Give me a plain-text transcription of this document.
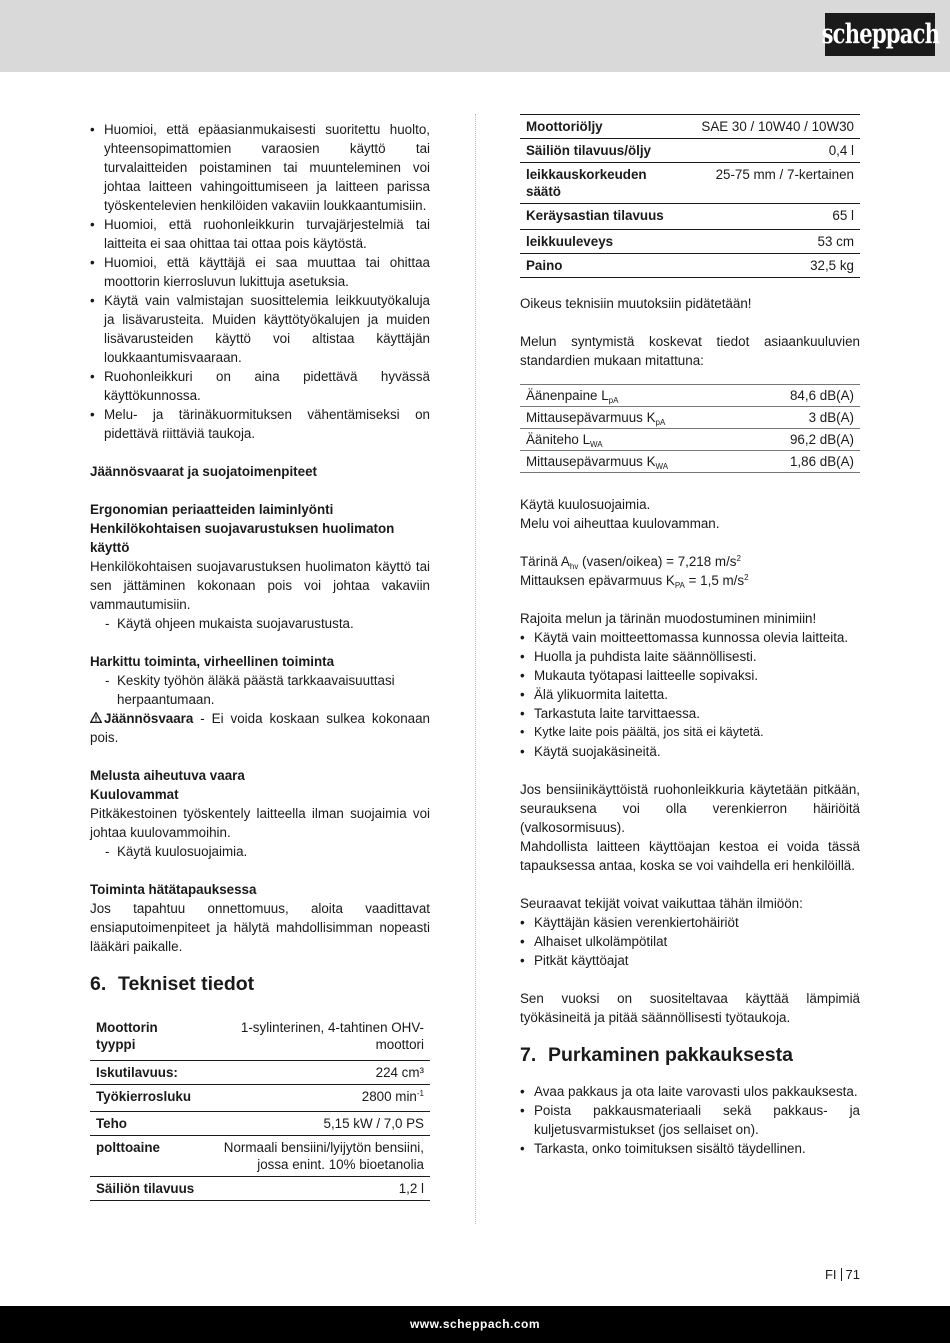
scheppach
• Huomioi, että epäasianmukaisesti suoritettu huolto, yhteensopimattomien varaosien käyttö tai turvalaitteiden poistaminen tai muunteleminen voi johtaa laitteen vahingoittumiseen ja laitteen parissa työskentelevien henkilöiden vakaviin loukkaantumisiin.
• Huomioi, että ruohonleikkurin turvajärjestelmiä tai laitteita ei saa ohittaa tai ottaa pois käytöstä.
• Huomioi, että käyttäjä ei saa muuttaa tai ohittaa moottorin kierrosluvun lukittuja asetuksia.
• Käytä vain valmistajan suosittelemia leikkuutyökaluja ja lisävarusteita. Muiden käyttötyökalujen ja muiden lisävarusteiden käyttö voi altistaa käyttäjän loukkaantumisvaaraan.
• Ruohonleikkuri on aina pidettävä hyvässä käyttökunnossa.
• Melu- ja tärinäkuormituksen vähentämiseksi on pidettävä riittäviä taukoja.
Jäännösvaarat ja suojatoimenpiteet
Ergonomian periaatteiden laiminlyönti
Henkilökohtaisen suojavarustuksen huolimaton käyttö
Henkilökohtaisen suojavarustuksen huolimaton käyttö tai sen jättäminen kokonaan pois voi johtaa vakaviin vammautumisiin.
- Käytä ohjeen mukaista suojavarustusta.
Harkittu toiminta, virheellinen toiminta
- Keskity työhön äläkä päästä tarkkaavaisuuttasi herpaantumaan.
Jäännösvaara - Ei voida koskaan sulkea kokonaan pois.
Melusta aiheutuva vaara
Kuulovammat
Pitkäkestoinen työskentely laitteella ilman suojaimia voi johtaa kuulovammoihin.
- Käytä kuulosuojaimia.
Toiminta hätätapauksessa
Jos tapahtuu onnettomuus, aloita vaadittavat ensiaputoimenpiteet ja hälytä mahdollisimman nopeasti lääkäri paikalle.
6. Tekniset tiedot
Moottorin tyyppi	1-sylinterinen, 4-tahtinen OHV-moottori
Iskutilavuus:	224 cm³
Työkierrosluku	2800 $\min^{-1}$
Teho	5,15 kW / 7,0 PS
polttoaine	Normaali bensiini/lyijytön bensiini, jossa enint. 10% bioetanolia
Säiliön tilavuus	1,2 l
Moottoriöljy	SAE 30 / 10W40 / 10W30
Säiliön tilavuus/öljy	0,4 l
leikkauskorkeuden säätö	25-75 mm / 7-kertainen
Keräysastian tilavuus	65 l
leikkuuleveys	53 cm
Paino	32,5 kg
Oikeus teknisiin muutoksiin pidätetään!
Melun syntymistä koskevat tiedot asiaankuuluvien standardien mukaan mitattuna:
Äänenpaine $L_{pA}$	84,6 dB(A)
Mittausepävarmuus $K_{pA}$	3 dB(A)
Ääniteho $L_{WA}$	96,2 dB(A)
Mittausepävarmuus $K_{WA}$	1,86 dB(A)
Käytä kuulosuojaimia.
Melu voi aiheuttaa kuulovamman.
Tärinä $A_{hv}$ (vasen/oikea) = 7,218 $m/s^2$
Mittauksen epävarmuus $K_{PA} = 1,5$ $m/s^2$
Rajoita melun ja tärinän muodostuminen minimiin!
• Käytä vain moitteettomassa kunnossa olevia laitteita.
• Huolla ja puhdista laite säännöllisesti.
• Mukauta työtapasi laitteelle sopivaksi.
• Älä ylikuormita laitetta.
• Tarkastuta laite tarvittaessa.
• Kytke laite pois päältä, jos sitä ei käytetä.
• Käytä suojakäsineitä.
Jos bensiinikäyttöistä ruohonleikkuria käytetään pitkään, seurauksena voi olla verenkierron häiriöitä (valkosormisuus).
Mahdollista laitteen käyttöajan kestoa ei voida tässä tapauksessa antaa, koska se voi vaihdella eri henkilöillä.
Seuraavat tekijät voivat vaikuttaa tähän ilmiöön:
• Käyttäjän käsien verenkiertohäiriöt
• Alhaiset ulkolämpötilat
• Pitkät käyttöajat
Sen vuoksi on suositeltavaa käyttää lämpimiä työkäsineitä ja pitää säännöllisesti työtaukoja.
7. Purkaminen pakkauksesta
• Avaa pakkaus ja ota laite varovasti ulos pakkauksesta.
• Poista pakkausmateriaali sekä pakkaus- ja kuljetusvarmistukset (jos sellaiset on).
• Tarkasta, onko toimituksen sisältö täydellinen.
FI 71
www.scheppach.com
